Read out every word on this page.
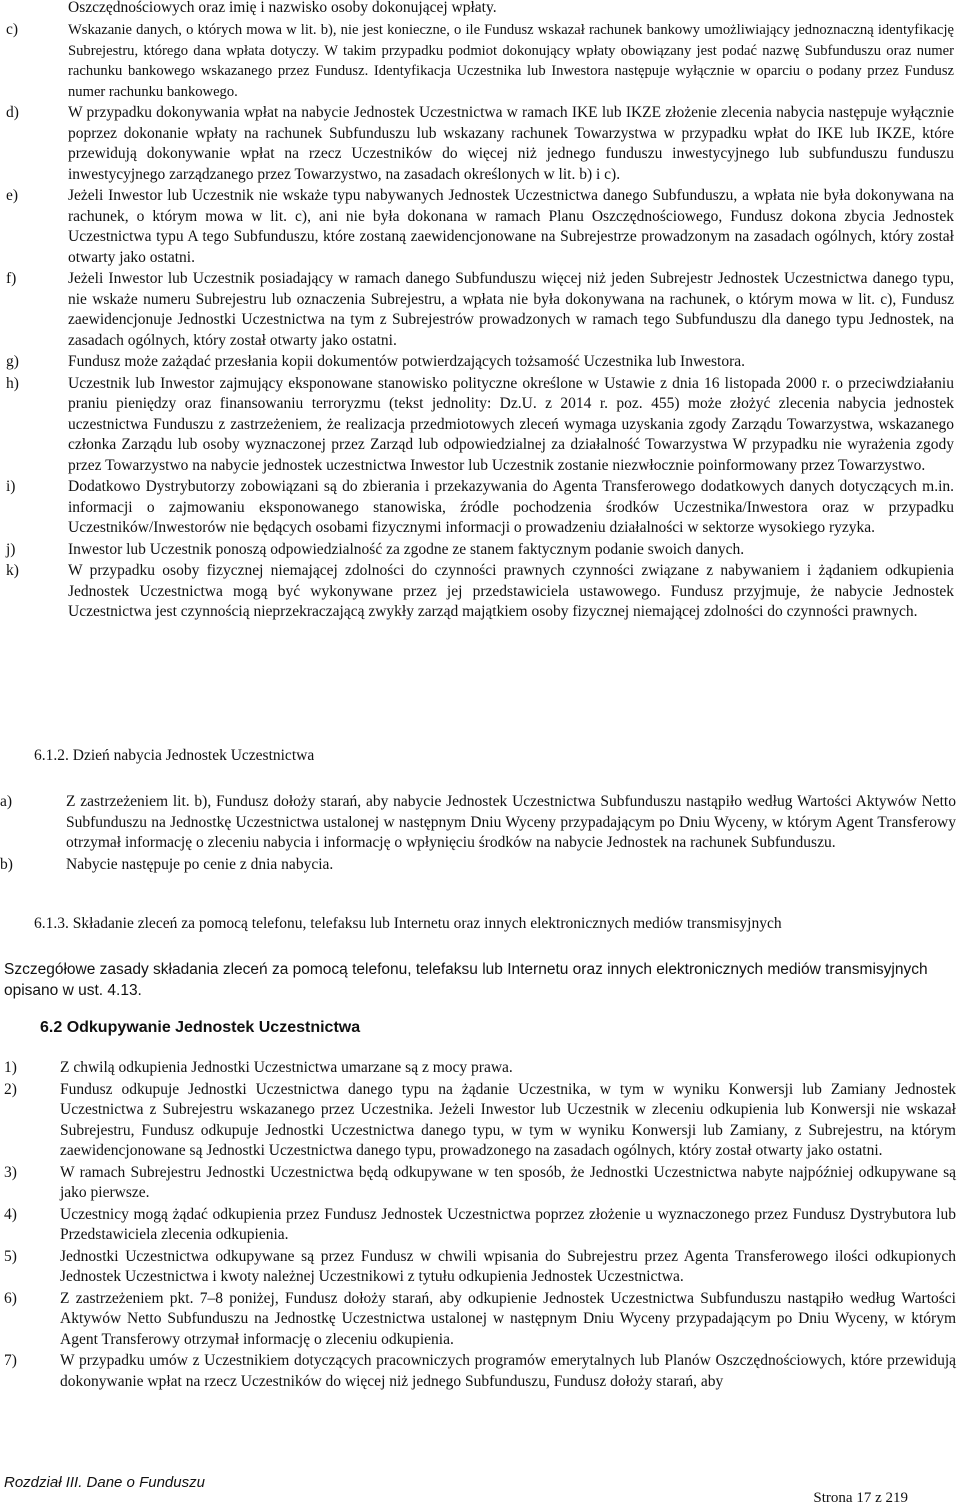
Oszczędnościowych oraz imię i nazwisko osoby dokonującej wpłaty.
c)	Wskazanie danych, o których mowa w lit. b), nie jest konieczne, o ile Fundusz wskazał rachunek bankowy umożliwiający jednoznaczną identyfikację Subrejestru, którego dana wpłata dotyczy. W takim przypadku podmiot dokonujący wpłaty obowiązany jest podać nazwę Subfunduszu oraz numer rachunku bankowego wskazanego przez Fundusz. Identyfikacja Uczestnika lub Inwestora następuje wyłącznie w oparciu o podany przez Fundusz numer rachunku bankowego.
d)	W przypadku dokonywania wpłat na nabycie Jednostek Uczestnictwa w ramach IKE lub IKZE złożenie zlecenia nabycia następuje wyłącznie poprzez dokonanie wpłaty na rachunek Subfunduszu lub wskazany rachunek Towarzystwa w przypadku wpłat do IKE lub IKZE, które przewidują dokonywanie wpłat na rzecz Uczestników do więcej niż jednego funduszu inwestycyjnego lub subfunduszu funduszu inwestycyjnego zarządzanego przez Towarzystwo, na zasadach określonych w lit. b) i c).
e)	Jeżeli Inwestor lub Uczestnik nie wskaże typu nabywanych Jednostek Uczestnictwa danego Subfunduszu, a wpłata nie była dokonywana na rachunek, o którym mowa w lit. c), ani nie była dokonana w ramach Planu Oszczędnościowego, Fundusz dokona zbycia Jednostek Uczestnictwa typu A tego Subfunduszu, które zostaną zaewidencjonowane na Subrejestrze prowadzonym na zasadach ogólnych, który został otwarty jako ostatni.
f)	Jeżeli Inwestor lub Uczestnik posiadający w ramach danego Subfunduszu więcej niż jeden Subrejestr Jednostek Uczestnictwa danego typu, nie wskaże numeru Subrejestru lub oznaczenia Subrejestru, a wpłata nie była dokonywana na rachunek, o którym mowa w lit. c), Fundusz zaewidencjonuje Jednostki Uczestnictwa na tym z Subrejestrów prowadzonych w ramach tego Subfunduszu dla danego typu Jednostek, na zasadach ogólnych, który został otwarty jako ostatni.
g)	Fundusz może zażądać przesłania kopii dokumentów potwierdzających tożsamość Uczestnika lub Inwestora.
h)	Uczestnik lub Inwestor zajmujący eksponowane stanowisko polityczne określone w Ustawie z dnia 16 listopada 2000 r. o przeciwdziałaniu praniu pieniędzy oraz finansowaniu terroryzmu (tekst jednolity: Dz.U. z 2014 r. poz. 455) może złożyć zlecenia nabycia jednostek uczestnictwa Funduszu z zastrzeżeniem, że realizacja przedmiotowych zleceń wymaga uzyskania zgody Zarządu Towarzystwa, wskazanego członka Zarządu lub osoby wyznaczonej przez Zarząd lub odpowiedzialnej za działalność Towarzystwa W przypadku nie wyrażenia zgody przez Towarzystwo na nabycie jednostek uczestnictwa Inwestor lub Uczestnik zostanie niezwłocznie poinformowany przez Towarzystwo.
i)	Dodatkowo Dystrybutorzy zobowiązani są do zbierania i przekazywania do Agenta Transferowego dodatkowych danych dotyczących m.in. informacji o zajmowaniu eksponowanego stanowiska, źródle pochodzenia środków Uczestnika/Inwestora oraz w przypadku Uczestników/Inwestorów nie będących osobami fizycznymi informacji o prowadzeniu działalności w sektorze wysokiego ryzyka.
j)	Inwestor lub Uczestnik ponoszą odpowiedzialność za zgodne ze stanem faktycznym podanie swoich danych.
k)	W przypadku osoby fizycznej niemającej zdolności do czynności prawnych czynności związane z nabywaniem i żądaniem odkupienia Jednostek Uczestnictwa mogą być wykonywane przez jej przedstawiciela ustawowego. Fundusz przyjmuje, że nabycie Jednostek Uczestnictwa jest czynnością nieprzekraczającą zwykły zarząd majątkiem osoby fizycznej niemającej zdolności do czynności prawnych.
6.1.2. Dzień nabycia Jednostek Uczestnictwa
a)	Z zastrzeżeniem lit. b), Fundusz dołoży starań, aby nabycie Jednostek Uczestnictwa Subfunduszu nastąpiło według Wartości Aktywów Netto Subfunduszu na Jednostkę Uczestnictwa ustalonej w następnym Dniu Wyceny przypadającym po Dniu Wyceny, w którym Agent Transferowy otrzymał informację o zleceniu nabycia i informację o wpłynięciu środków na nabycie Jednostek na rachunek Subfunduszu.
b)	Nabycie następuje po cenie z dnia nabycia.
6.1.3. Składanie zleceń za pomocą telefonu, telefaksu lub Internetu oraz innych elektronicznych mediów transmisyjnych
Szczegółowe zasady składania zleceń za pomocą telefonu, telefaksu lub Internetu oraz innych elektronicznych mediów transmisyjnych opisano w ust. 4.13.
6.2 Odkupywanie Jednostek Uczestnictwa
1)	Z chwilą odkupienia Jednostki Uczestnictwa umarzane są z mocy prawa.
2)	Fundusz odkupuje Jednostki Uczestnictwa danego typu na żądanie Uczestnika, w tym w wyniku Konwersji lub Zamiany Jednostek Uczestnictwa z Subrejestru wskazanego przez Uczestnika. Jeżeli Inwestor lub Uczestnik w zleceniu odkupienia lub Konwersji nie wskazał Subrejestru, Fundusz odkupuje Jednostki Uczestnictwa danego typu, w tym w wyniku Konwersji lub Zamiany, z Subrejestru, na którym zaewidencjonowane są Jednostki Uczestnictwa danego typu, prowadzonego na zasadach ogólnych, który został otwarty jako ostatni.
3)	W ramach Subrejestru Jednostki Uczestnictwa będą odkupywane w ten sposób, że Jednostki Uczestnictwa nabyte najpóźniej odkupywane są jako pierwsze.
4)	Uczestnicy mogą żądać odkupienia przez Fundusz Jednostek Uczestnictwa poprzez złożenie u wyznaczonego przez Fundusz Dystrybutora lub Przedstawiciela zlecenia odkupienia.
5)	Jednostki Uczestnictwa odkupywane są przez Fundusz w chwili wpisania do Subrejestru przez Agenta Transferowego ilości odkupionych Jednostek Uczestnictwa i kwoty należnej Uczestnikowi z tytułu odkupienia Jednostek Uczestnictwa.
6)	Z zastrzeżeniem pkt. 7–8 poniżej, Fundusz dołoży starań, aby odkupienie Jednostek Uczestnictwa Subfunduszu nastąpiło według Wartości Aktywów Netto Subfunduszu na Jednostkę Uczestnictwa ustalonej w następnym Dniu Wyceny przypadającym po Dniu Wyceny, w którym Agent Transferowy otrzymał informację o zleceniu odkupienia.
7)	W przypadku umów z Uczestnikiem dotyczących pracowniczych programów emerytalnych lub Planów Oszczędnościowych, które przewidują dokonywanie wpłat na rzecz Uczestników do więcej niż jednego Subfunduszu, Fundusz dołoży starań, aby
Rozdział III. Dane o Funduszu
Strona 17 z 219
